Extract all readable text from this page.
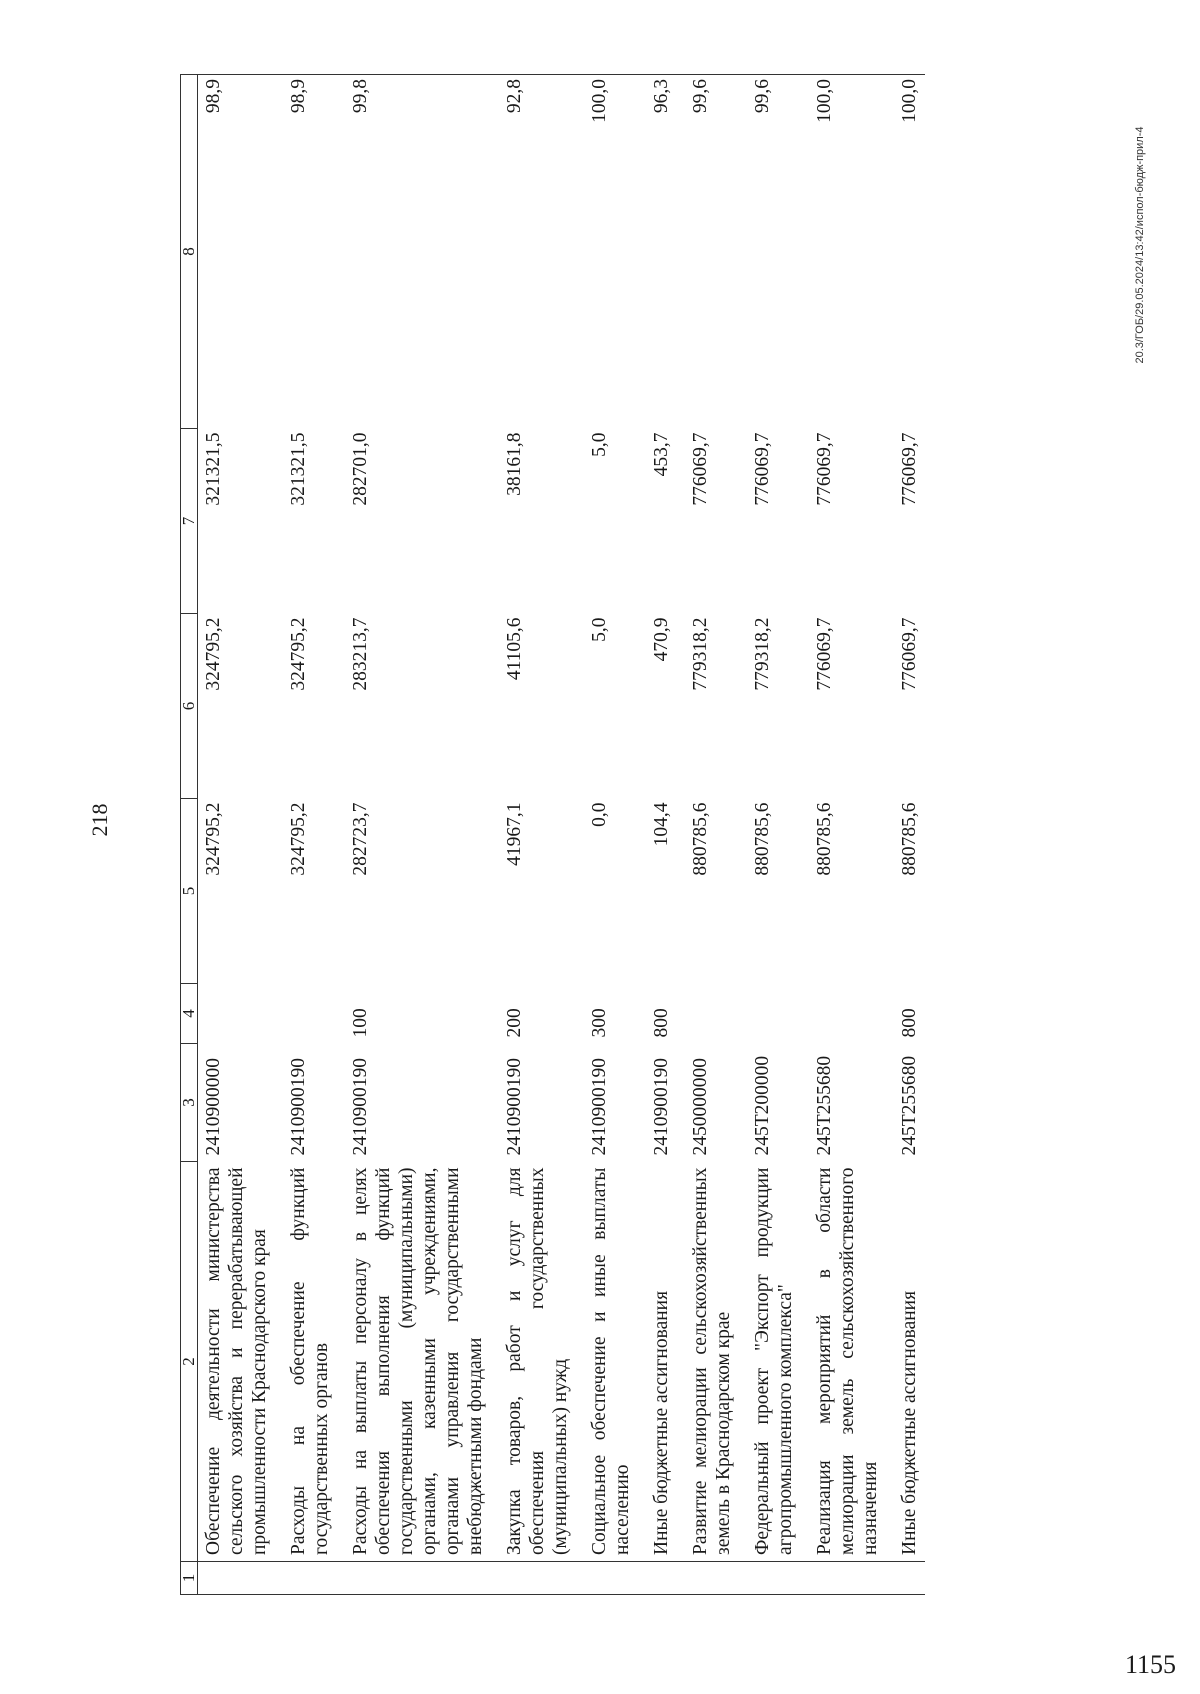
218
1	2	3	4	5	6	7	8
	Обеспечение деятельности министерства сельского хозяйства и перерабатывающей промышленности Краснодарского края	2410900000		324795,2	324795,2	321321,5	98,9
	Расходы на обеспечение функций государственных органов	2410900190		324795,2	324795,2	321321,5	98,9
	Расходы на выплаты персоналу в целях обеспечения выполнения функций государственными (муниципальными) органами, казенными учреждениями, органами управления государственными внебюджетными фондами	2410900190	100	282723,7	283213,7	282701,0	99,8
	Закупка товаров, работ и услуг для обеспечения государственных (муниципальных) нужд	2410900190	200	41967,1	41105,6	38161,8	92,8
	Социальное обеспечение и иные выплаты населению	2410900190	300	0,0	5,0	5,0	100,0
	Иные бюджетные ассигнования	2410900190	800	104,4	470,9	453,7	96,3
	Развитие мелиорации сельскохозяйственных земель в Краснодарском крае	2450000000		880785,6	779318,2	776069,7	99,6
	Федеральный проект "Экспорт продукции агропромышленного комплекса"	245T200000		880785,6	779318,2	776069,7	99,6
	Реализация мероприятий в области мелиорации земель сельскохозяйственного назначения	245T255680		880785,6	776069,7	776069,7	100,0
	Иные бюджетные ассигнования	245T255680	800	880785,6	776069,7	776069,7	100,0
20.3/ГОБ/29.05.2024/13:42/испол-бюдж-прил-4
1155
